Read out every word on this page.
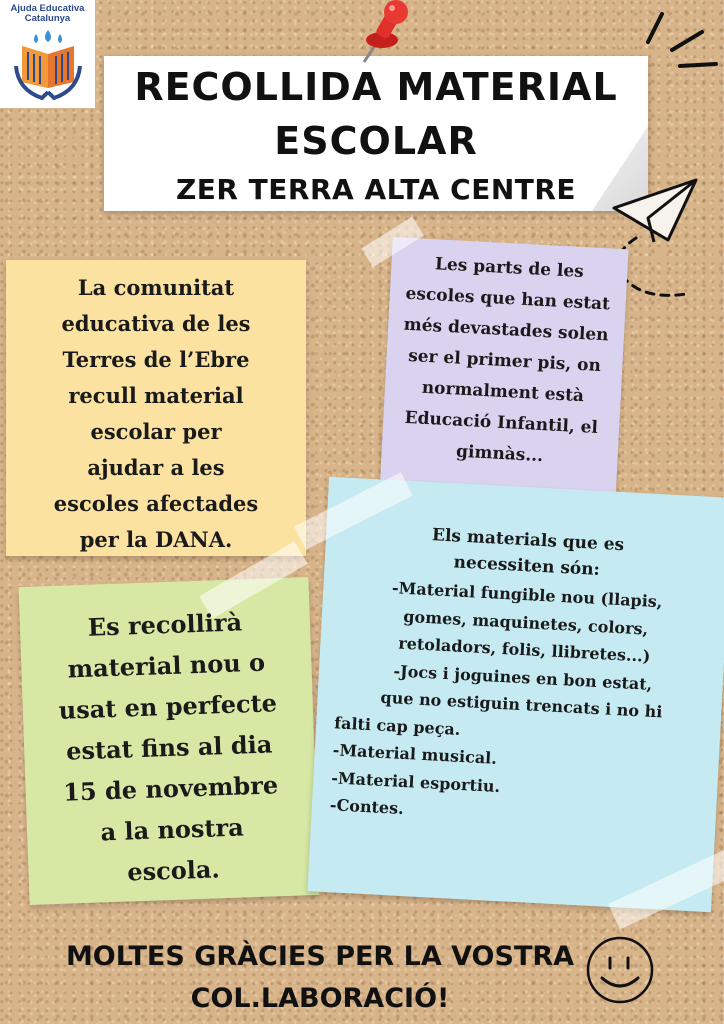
Ajuda Educativa
Catalunya
RECOLLIDA MATERIAL
ESCOLAR
ZER TERRA ALTA CENTRE
La comunitat
educativa de les
Terres de l’Ebre
recull material
escolar per
ajudar a les
escoles afectades
per la DANA.
Les parts de les
escoles que han estat
més devastades solen
ser el primer pis, on
normalment està
Educació Infantil, el
gimnàs...
Es recollirà
material nou o
usat en perfecte
estat fins al dia
15 de novembre
a la nostra
escola.
Els materials que es
necessiten són:
-Material fungible nou (llapis,
gomes, maquinetes, colors,
retoladors, folis, llibretes...)
-Jocs i joguines en bon estat,
que no estiguin trencats i no hi
falti cap peça.
-Material musical.
-Material esportiu.
-Contes.
MOLTES GRÀCIES PER LA VOSTRA
COL.LABORACIÓ!
